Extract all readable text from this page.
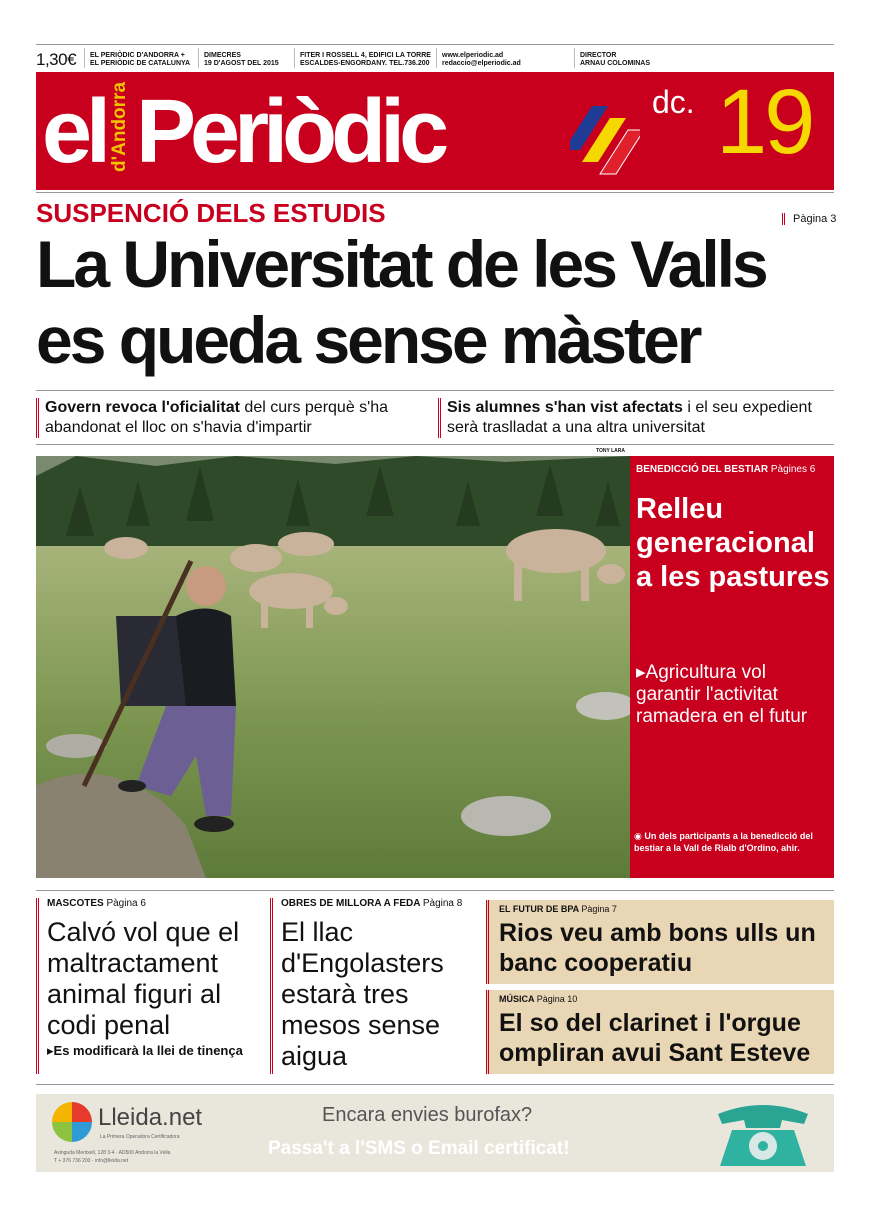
1,30€ EL PERIÒDIC D'ANDORRA +
EL PERIÒDIC DE CATALUNYA
DIMECRES
19 D'AGOST DEL 2015
FITER I ROSSELL 4, EDIFICI LA TORRE
ESCALDES-ENGORDANY. TEL.736.200
www.elperiodic.ad
redaccio@elperiodic.ad
DIRECTOR
ARNAU COLOMINAS
el d'Andorra Periòdic	dc. 19
SUSPENCIÓ DELS ESTUDIS	Pàgina 3
La Universitat de les Valls
es queda sense màster
Govern revoca l'oficialitat del curs perquè s'ha abandonat el lloc on s'havia d'impartir
Sis alumnes s'han vist afectats i el seu expedient serà traslladat a una altra universitat
TONY LARA
BENEDICCIÓ DEL BESTIAR Pàgines 6
Relleu generacional a les pastures
▸Agricultura vol garantir l'activitat ramadera en el futur
◉ Un dels participants a la benedicció del bestiar a la Vall de Rialb d'Ordino, ahir.
MASCOTES Pàgina 6
Calvó vol que el maltractament animal figuri al codi penal
▸Es modificarà la llei de tinença
OBRES DE MILLORA A FEDA Pàgina 8
El llac d'Engolasters estarà tres mesos sense aigua
EL FUTUR DE BPA Pàgina 7
Rios veu amb bons ulls un banc cooperatiu
MÚSICA Pàgina 10
El so del clarinet i l'orgue ompliran avui Sant Esteve
Lleida.net
La Primera Operadora Certificadora
Avinguda Meritxell, 128 3-4 · AD500 Andorra la Vella
T + 376 736 200 · info@lleida.net
Encara envies burofax?
Passa't a l'SMS o Email certificat!
